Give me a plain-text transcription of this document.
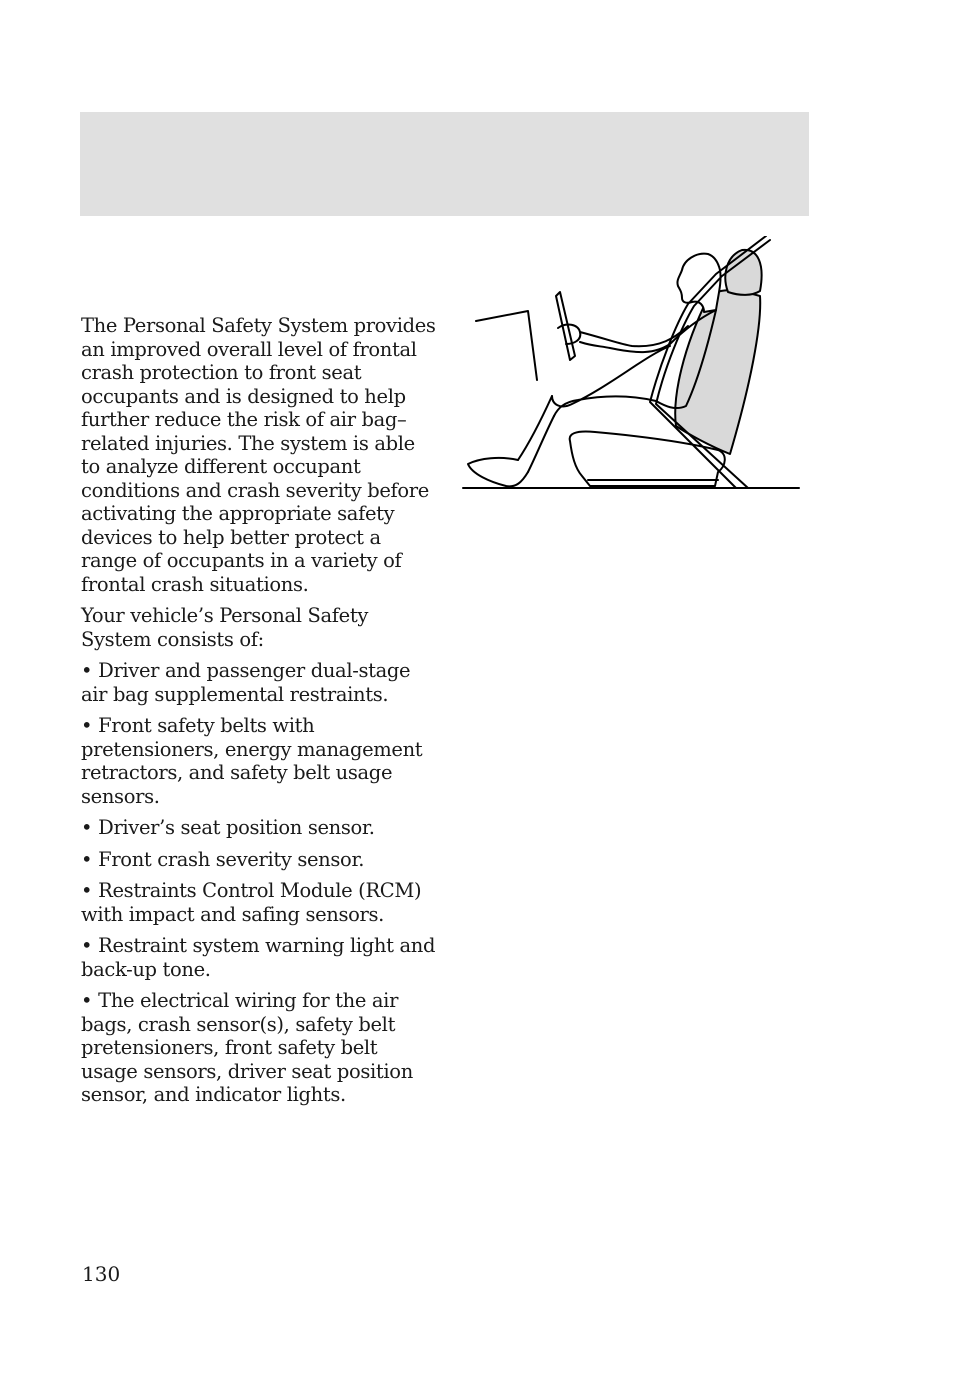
The Personal Safety System provides an improved overall level of frontal crash protection to front seat occupants and is designed to help further reduce the risk of air bag–related injuries. The system is able to analyze different occupant conditions and crash severity before activating the appropriate safety devices to help better protect a range of occupants in a variety of frontal crash situations.

Your vehicle’s Personal Safety System consists of:

• Driver and passenger dual-stage air bag supplemental restraints.
• Front safety belts with pretensioners, energy management retractors, and safety belt usage sensors.
• Driver’s seat position sensor.
• Front crash severity sensor.
• Restraints Control Module (RCM) with impact and safing sensors.
• Restraint system warning light and back-up tone.
• The electrical wiring for the air bags, crash sensor(s), safety belt pretensioners, front safety belt usage sensors, driver seat position sensor, and indicator lights.
130
